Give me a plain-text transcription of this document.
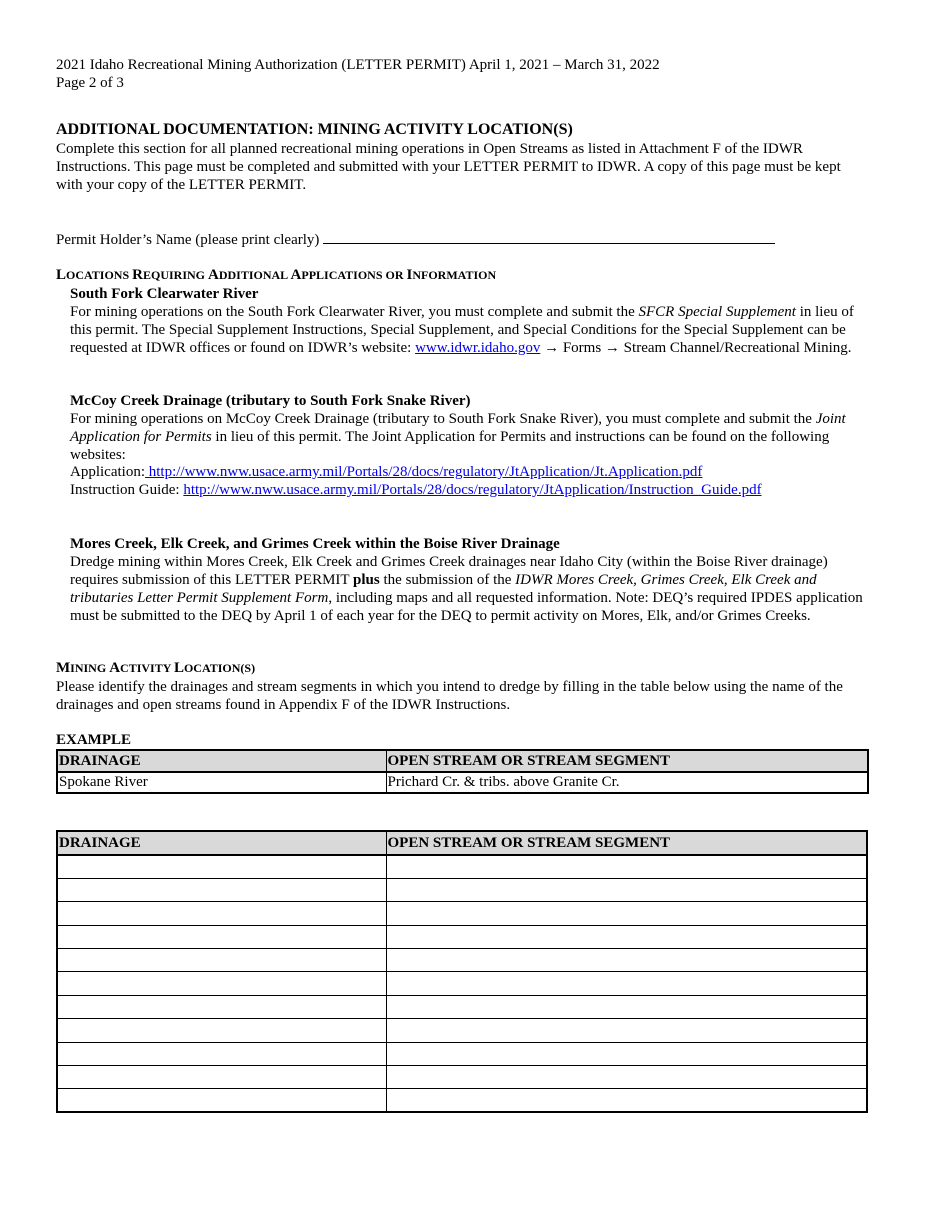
2021 Idaho Recreational Mining Authorization (LETTER PERMIT) April 1, 2021 – March 31, 2022
Page 2 of 3
ADDITIONAL DOCUMENTATION: MINING ACTIVITY LOCATION(S)
Complete this section for all planned recreational mining operations in Open Streams as listed in Attachment F of the IDWR
Instructions. This page must be completed and submitted with your LETTER PERMIT to IDWR. A copy of this page must be kept
with your copy of the LETTER PERMIT.
Permit Holder’s Name (please print clearly)
LOCATIONS REQUIRING ADDITIONAL APPLICATIONS OR INFORMATION
South Fork Clearwater River
For mining operations on the South Fork Clearwater River, you must complete and submit the SFCR Special Supplement in lieu of
this permit. The Special Supplement Instructions, Special Supplement, and Special Conditions for the Special Supplement can be
requested at IDWR offices or found on IDWR’s website: www.idwr.idaho.gov → Forms → Stream Channel/Recreational Mining.
McCoy Creek Drainage (tributary to South Fork Snake River)
For mining operations on McCoy Creek Drainage (tributary to South Fork Snake River), you must complete and submit the Joint
Application for Permits in lieu of this permit. The Joint Application for Permits and instructions can be found on the following
websites:
Application: http://www.nww.usace.army.mil/Portals/28/docs/regulatory/JtApplication/Jt.Application.pdf
Instruction Guide: http://www.nww.usace.army.mil/Portals/28/docs/regulatory/JtApplication/Instruction_Guide.pdf
Mores Creek, Elk Creek, and Grimes Creek within the Boise River Drainage
Dredge mining within Mores Creek, Elk Creek and Grimes Creek drainages near Idaho City (within the Boise River drainage)
requires submission of this LETTER PERMIT plus the submission of the IDWR Mores Creek, Grimes Creek, Elk Creek and
tributaries Letter Permit Supplement Form, including maps and all requested information. Note: DEQ’s required IPDES application
must be submitted to the DEQ by April 1 of each year for the DEQ to permit activity on Mores, Elk, and/or Grimes Creeks.
MINING ACTIVITY LOCATION(S)
Please identify the drainages and stream segments in which you intend to dredge by filling in the table below using the name of the
drainages and open streams found in Appendix F of the IDWR Instructions.
EXAMPLE
DRAINAGE	OPEN STREAM OR STREAM SEGMENT
Spokane River	Prichard Cr. & tribs. above Granite Cr.
DRAINAGE	OPEN STREAM OR STREAM SEGMENT
